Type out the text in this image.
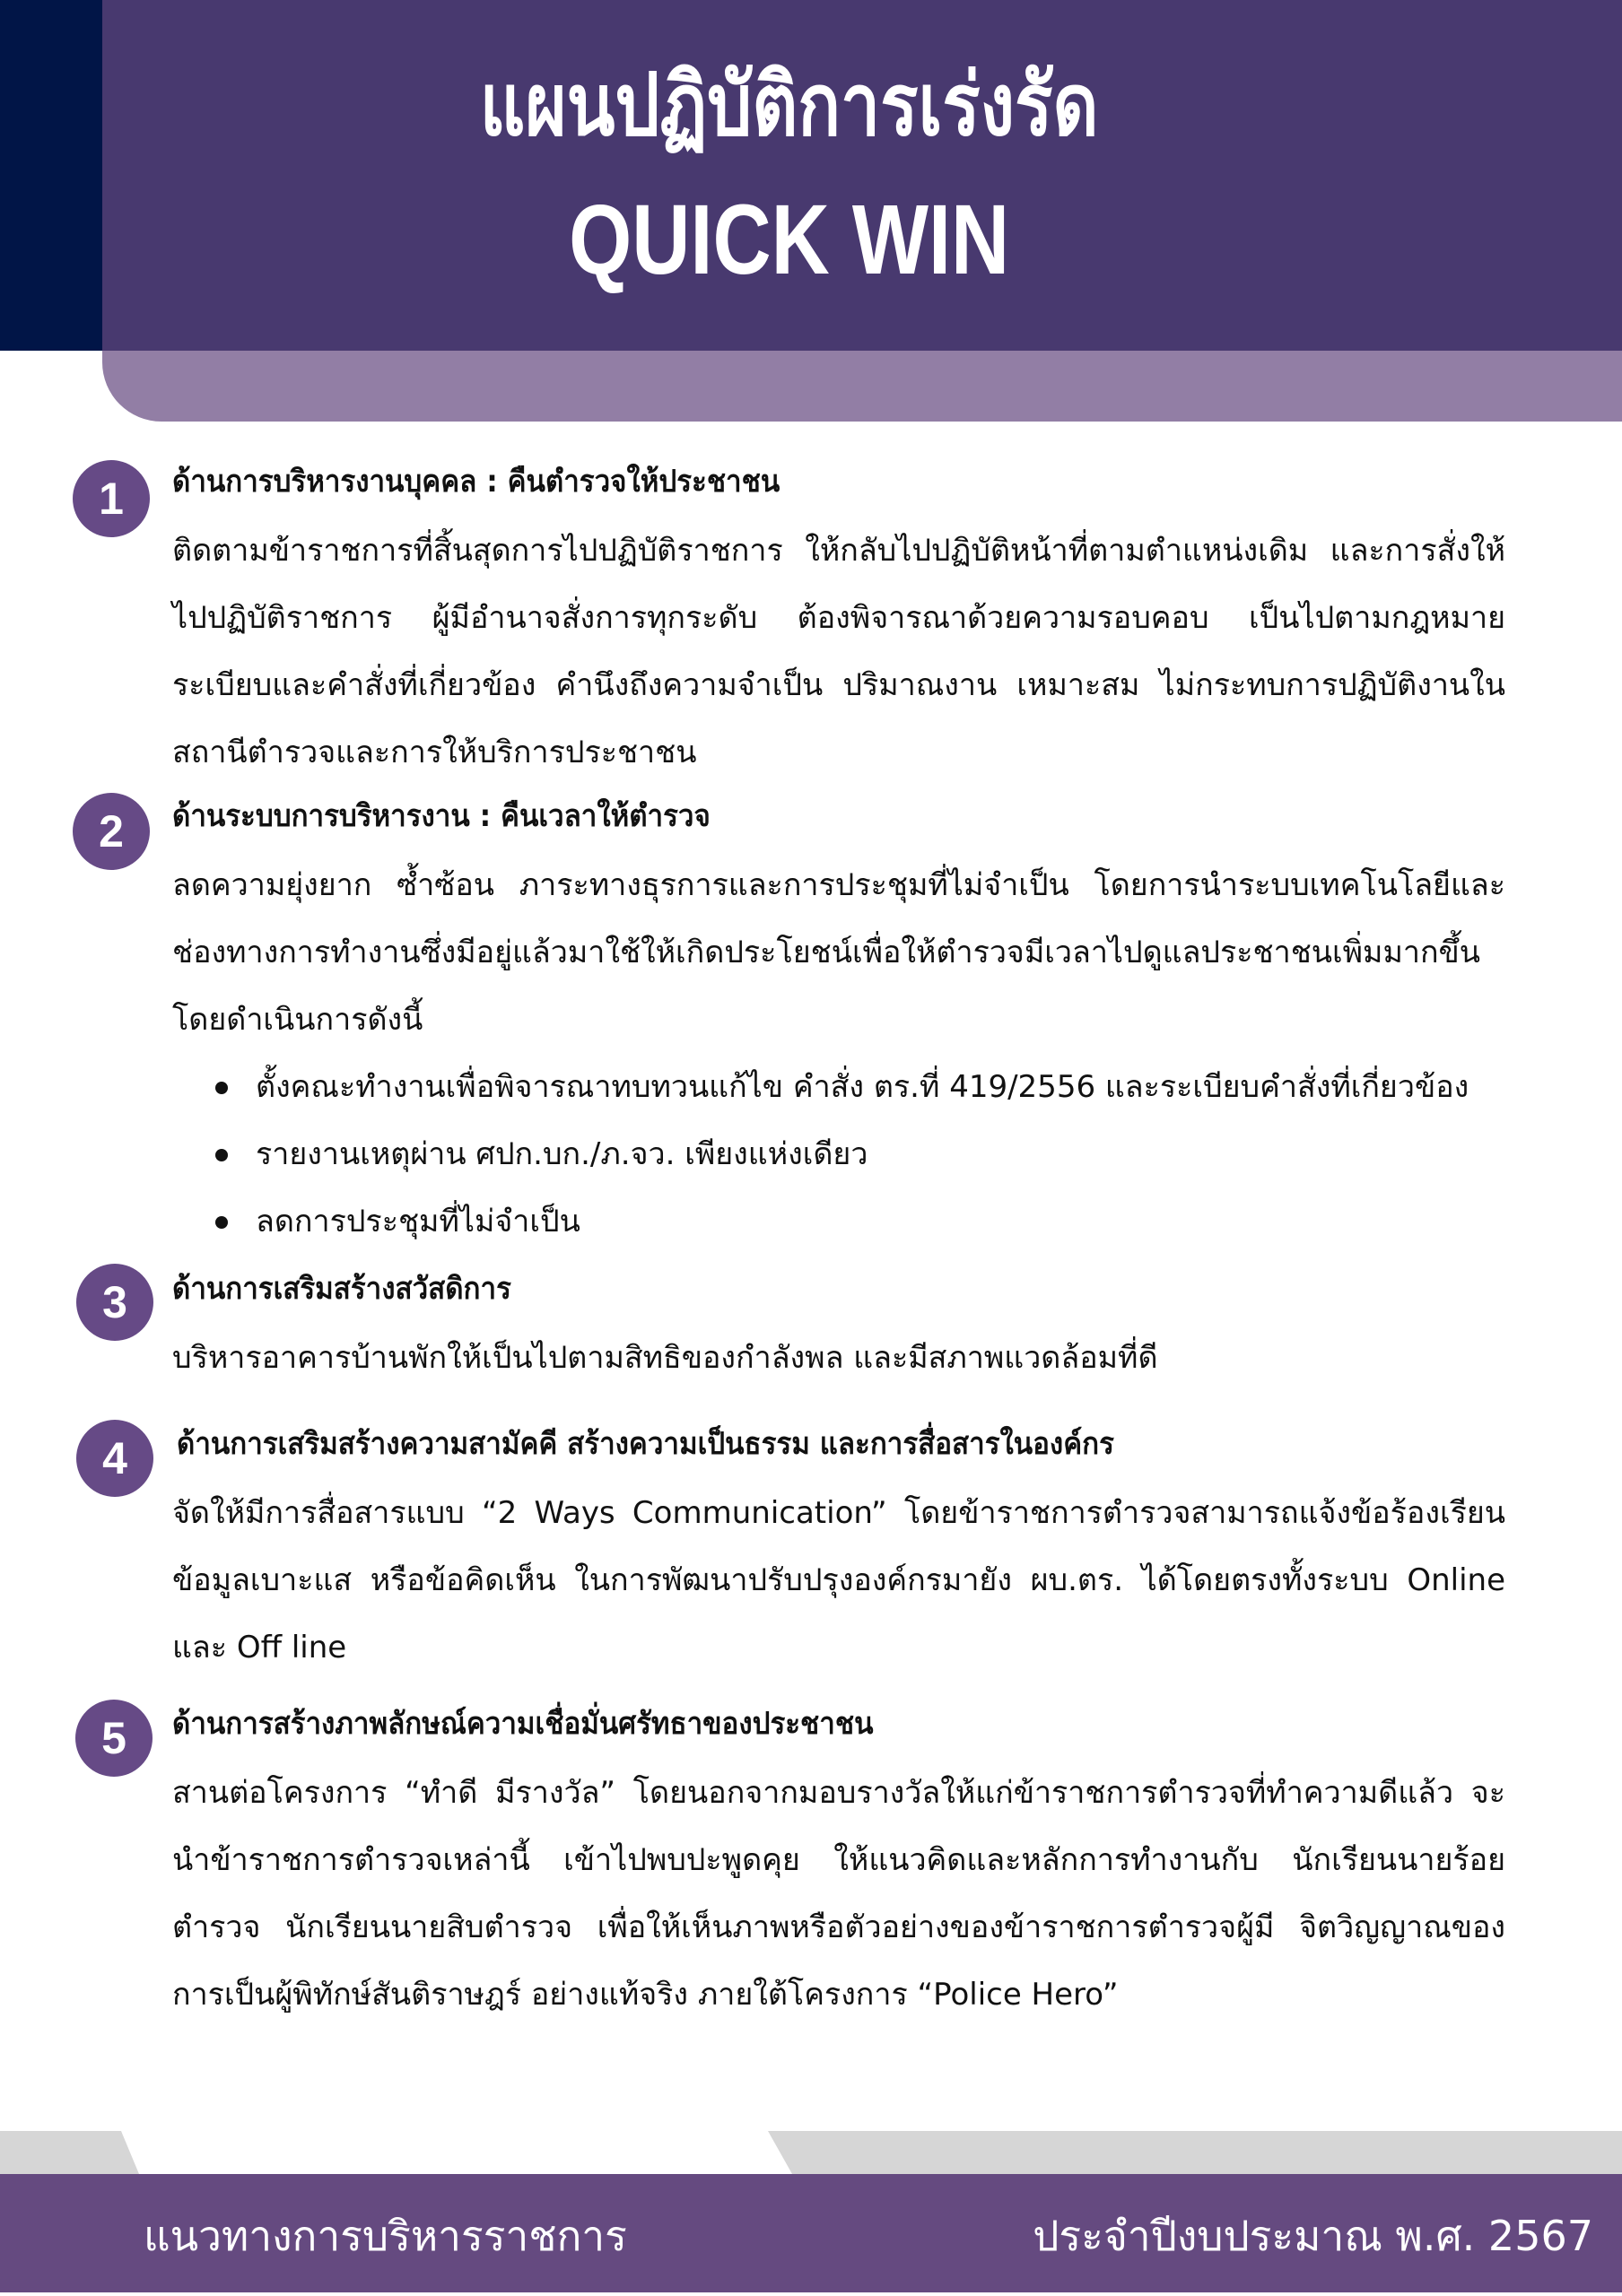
แผนปฏิบัติการเร่งรัด
QUICK WIN
1	ด้านการบริหารงานบุคคล : คืนตำรวจให้ประชาชน

ติดตามข้าราชการที่สิ้นสุดการไปปฏิบัติราชการ ให้กลับไปปฏิบัติหน้าที่ตามตำแหน่งเดิม และการสั่งให้ไปปฏิบัติราชการ ผู้มีอำนาจสั่งการทุกระดับ ต้องพิจารณาด้วยความรอบคอบ เป็นไปตามกฎหมาย ระเบียบและคำสั่งที่เกี่ยวข้อง คำนึงถึงความจำเป็น ปริมาณงาน เหมาะสม ไม่กระทบการปฏิบัติงานในสถานีตำรวจและการให้บริการประชาชน

2	ด้านระบบการบริหารงาน : คืนเวลาให้ตำรวจ

ลดความยุ่งยาก ซ้ำซ้อน ภาระทางธุรการและการประชุมที่ไม่จำเป็น โดยการนำระบบเทคโนโลยีและช่องทางการทำงานซึ่งมีอยู่แล้วมาใช้ให้เกิดประโยชน์เพื่อให้ตำรวจมีเวลาไปดูแลประชาชนเพิ่มมากขึ้น โดยดำเนินการดังนี้

ตั้งคณะทำงานเพื่อพิจารณาทบทวนแก้ไข คำสั่ง ตร.ที่ 419/2556 และระเบียบคำสั่งที่เกี่ยวข้อง
รายงานเหตุผ่าน ศปก.บก./ภ.จว. เพียงแห่งเดียว
ลดการประชุมที่ไม่จำเป็น
3	ด้านการเสริมสร้างสวัสดิการ

บริหารอาคารบ้านพักให้เป็นไปตามสิทธิของกำลังพล และมีสภาพแวดล้อมที่ดี

4	ด้านการเสริมสร้างความสามัคคี สร้างความเป็นธรรม และการสื่อสารในองค์กร

จัดให้มีการสื่อสารแบบ “2 Ways Communication” โดยข้าราชการตำรวจสามารถแจ้งข้อร้องเรียน ข้อมูลเบาะแส หรือข้อคิดเห็น ในการพัฒนาปรับปรุงองค์กรมายัง ผบ.ตร. ได้โดยตรงทั้งระบบ Online และ Off line

5	ด้านการสร้างภาพลักษณ์ความเชื่อมั่นศรัทธาของประชาชน

สานต่อโครงการ “ทำดี มีรางวัล” โดยนอกจากมอบรางวัลให้แก่ข้าราชการตำรวจที่ทำความดีแล้ว จะนำข้าราชการตำรวจเหล่านี้ เข้าไปพบปะพูดคุย ให้แนวคิดและหลักการทำงานกับ นักเรียนนายร้อยตำรวจ นักเรียนนายสิบตำรวจ เพื่อให้เห็นภาพหรือตัวอย่างของข้าราชการตำรวจผู้มี จิตวิญญาณของการเป็นผู้พิทักษ์สันติราษฎร์ อย่างแท้จริง ภายใต้โครงการ “Police Hero”

แนวทางการบริหารราชการ	ประจำปีงบประมาณ พ.ศ. 2567
